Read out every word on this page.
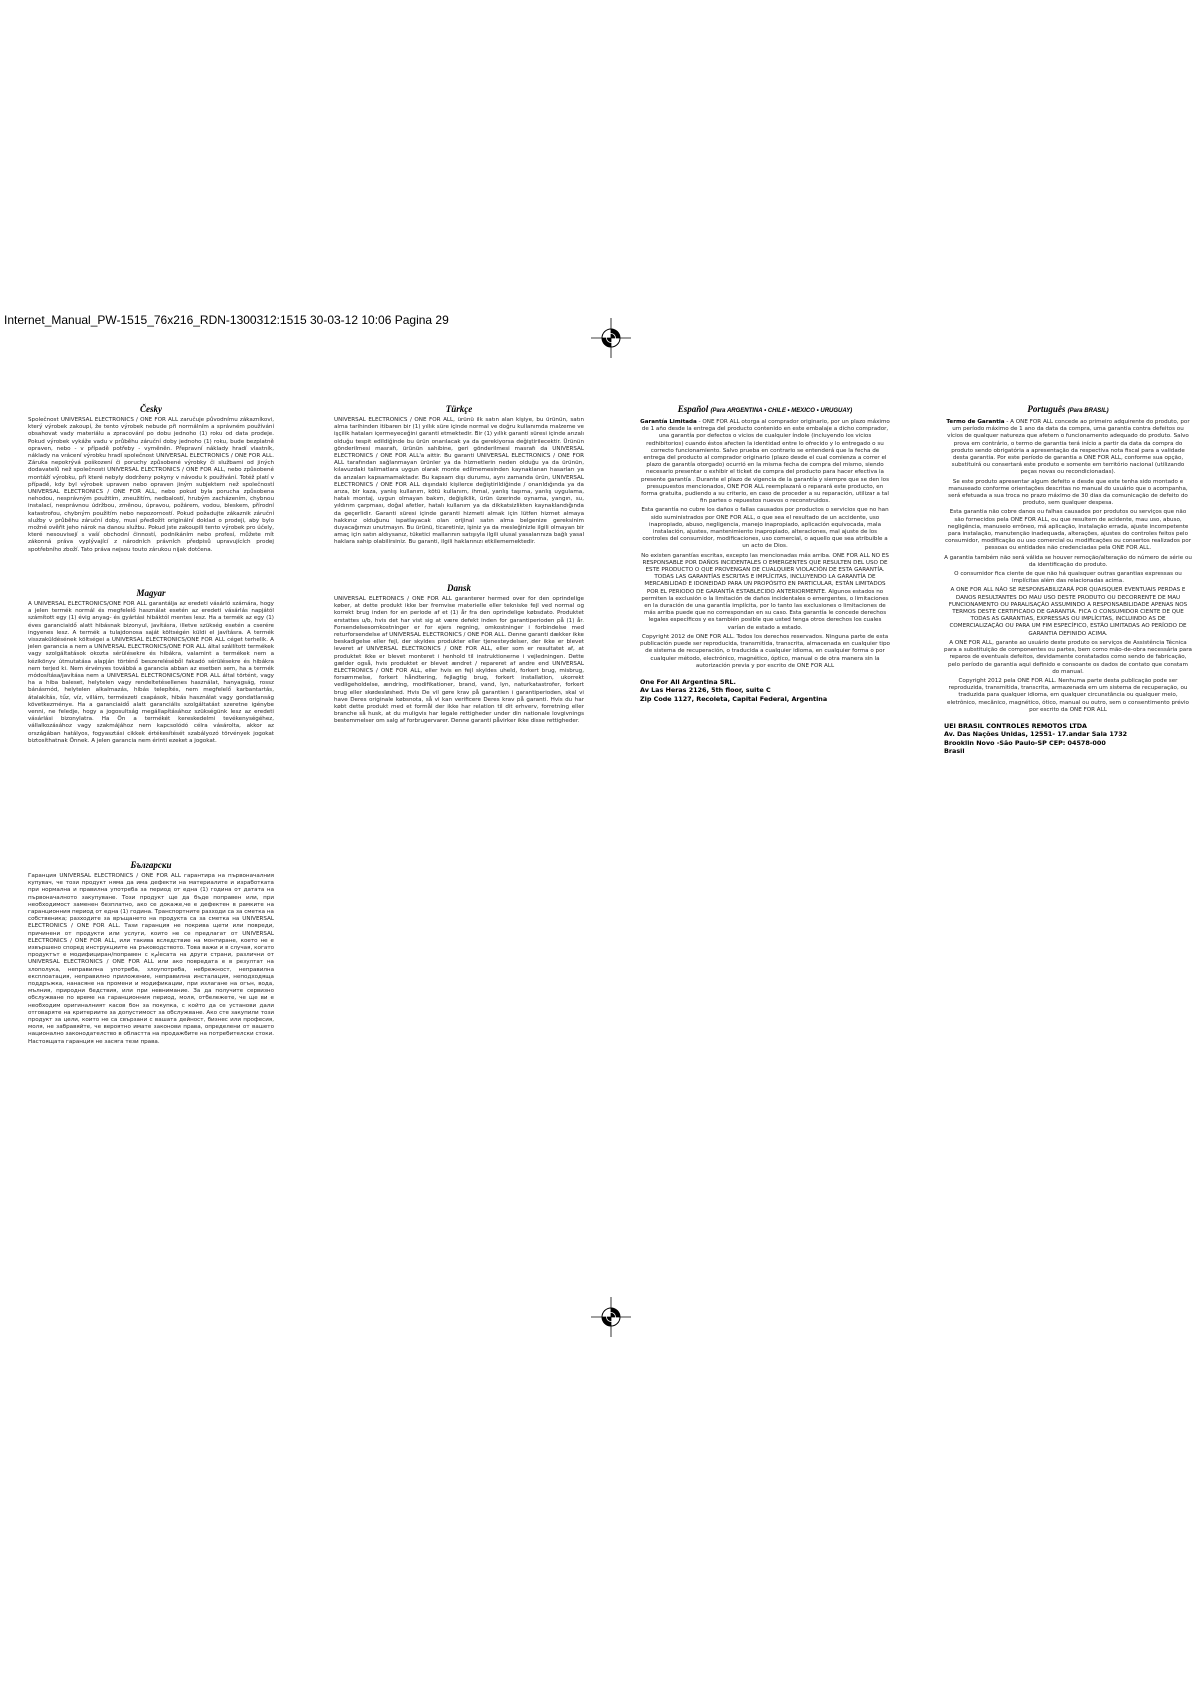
Internet_Manual_PW-1515_76x216_RDN-1300312:1515 30-03-12 10:06 Pagina 29
Česky
Společnost UNIVERSAL ELECTRONICS / ONE FOR ALL zaručuje původnímu zákazníkovi, který výrobek zakoupí, že tento výrobek nebude při normálním a správném používání obsahovat vady materiálu a zpracování po dobu jednoho (1) roku od data prodeje. Pokud výrobek vykáže vadu v průběhu záruční doby jednoho (1) roku, bude bezplatně opraven, nebo - v případě potřeby - vyměněn. Přepravní náklady hradí vlastník, náklady na vrácení výrobku hradí společnost UNIVERSAL ELECTRONICS / ONE FOR ALL. Záruka nepokrývá poškození či poruchy způsobené výrobky či službami od jiných dodavatelů než společnosti UNIVERSAL ELECTRONICS / ONE FOR ALL, nebo způsobené montáží výrobku, při které nebyly dodrženy pokyny v návodu k používání. Totéž platí v případě, kdy byl výrobek upraven nebo opraven jiným subjektem než společností UNIVERSAL ELECTRONICS / ONE FOR ALL, nebo pokud byla porucha způsobena nehodou, nesprávným použitím, zneužitím, nedbalostí, hrubým zacházením, chybnou instalací, nesprávnou údržbou, změnou, úpravou, požárem, vodou, bleskem, přírodní katastrofou, chybným použitím nebo nepozorností. Pokud požadujte zákaznik záruční služby v průběhu záruční doby, musí předložit originální doklad o prodeji, aby bylo možné ověřit jeho nárok na danou službu. Pokud jste zakoupili tento výrobek pro účely, které nesouvisejí s vaší obchodní činností, podnikáním nebo profesí, můžete mít zákonná práva vyplývající z národních právních předpisů upravujících prodej spotřebního zboží. Tato práva nejsou touto zárukou nijak dotčena.
Magyar
A UNIVERSAL ELECTRONICS/ONE FOR ALL garantálja az eredeti vásárló számára, hogy a jelen termék normál és megfelelő használat esetén az eredeti vásárlás napjától számított egy (1) évig anyag- és gyártási hibáktól mentes lesz. Ha a termék az egy (1) éves garanciaidő alatt hibásnak bizonyul, javításra, illetve szükség esetén a cserére ingyenes lesz. A termék a tulajdonosa saját költségén küldi el javításra. A termék visszaküldésének költségei a UNIVERSAL ELECTRONICS/ONE FOR ALL céget terhelik. A jelen garancia a nem a UNIVERSAL ELECTRONICS/ONE FOR ALL által szállított termékek vagy szolgáltatások okozta sérülésekre és hibákra, valamint a termékek nem a kézikönyv útmutatása alapján történő beszereléséből fakadó sérülésekre és hibákra nem terjed ki. Nem érvényes továbbá a garancia abban az esetben sem, ha a termék módosítása/javítása nem a UNIVERSAL ELECTRONICS/ONE FOR ALL által történt, vagy ha a hiba baleset, helytelen vagy rendeltetésellenes használat, hanyagság, rossz bánásmód, helytelen alkalmazás, hibás telepítés, nem megfelelő karbantartás, átalakítás, tűz, víz, villám, természeti csapások, hibás használat vagy gondatlanság következménye. Ha a garanciaidő alatt garanciális szolgáltatást szeretne igénybe venni, ne feledje, hogy a jogosultság megállapításához szükségünk lesz az eredeti vásárlási bizonylatra. Ha Ön a termékét kereskedelmi tevékenységéhez, vállalkozásához vagy szakmájához nem kapcsolódó célra vásárolta, akkor az országában hatályos, fogyasztási cikkek értékesítését szabályozó törvények jogokat biztosíthatnak Önnek. A jelen garancia nem érinti ezeket a jogokat.
Български
Гаранция UNIVERSAL ELECTRONICS / ONE FOR ALL гарантира на първоначалния купувач, че този продукт няма да има дефекти на материалите и изработката при нормална и правилна употреба за период от една (1) година от датата на първоначалното закупуване. Този продукт ще да бъде поправен или, при необходимост заменен безплатно, ако се докаже,че е дефектен в рамките на гаранционния период от една (1) година. Транспортните разходи са за сметка на собственика; разходите за връщането на продукта са за сметка на UNIVERSAL ELECTRONICS / ONE FOR ALL. Тази гаранция не покрива щети или повреди, причинени от продукти или услуги, които не се предлагат от UNIVERSAL ELECTRONICS / ONE FOR ALL, или такива вследствие на монтиране, което не е извършено според инструкциите на ръководството. Това важи и в случая, когато продуктът е модифициран/поправен с кامесата на други страни, различни от UNIVERSAL ELECTRONICS / ONE FOR ALL или ако повредата е в резултат на злополука, неправилна употреба, злоупотреба, небрежност, неправилна експлоатация, неправилно приложение, неправилна инсталация, неподходяща поддръжка, нанасяне на промени и модификации, при излагане на огън, вода, мълния, природни бедствия, или при невнимание. За да получите сервизно обслужване по време на гаранционния период, моля, отбележете, че ще ви е необходим оригиналният касов бон за покупка, с който да се установи дали отговаряте на критериите за допустимост за обслужване. Ако сте закупили този продукт за цели, които не са свързани с вашата дейност, бизнес или професия, моля, не забравяйте, че вероятно имате законови права, определени от вашето национално законодателство в областта на продажбите на потребителски стоки. Настоящата гаранция не засяга тези права.
Türkçe
UNIVERSAL ELECTRONICS / ONE FOR ALL, ürünü ilk satın alan kişiye, bu ürünün, satın alma tarihinden itibaren bir (1) yıllık süre içinde normal ve doğru kullanımda malzeme ve işçilik hataları içermeyeceğini garanti etmektedir. Bir (1) yıllık garanti süresi içinde arızalı olduğu tespit edildiğinde bu ürün onarılacak ya da gerekiyorsa değiştirilecektir. Ürünün gönderilmesi masrafı, ürünün sahibine, geri gönderilmesi masrafı da UNIVERSAL ELECTRONICS / ONE FOR ALL'a aittir. Bu garanti UNIVERSAL ELECTRONICS / ONE FOR ALL tarafından sağlanmayan ürünler ya da hizmetlerin neden olduğu ya da ürünün, kılavuzdaki talimatlara uygun olarak monte edilmemesinden kaynaklanan hasarları ya da arızaları kapsamamaktadır. Bu kapsam dışı durumu, aynı zamanda ürün, UNIVERSAL ELECTRONICS / ONE FOR ALL dışındaki kişilerce değiştirildiğinde / onarıldığında ya da arıza, bir kaza, yanlış kullanım, kötü kullanım, ihmal, yanlış taşıma, yanlış uygulama, hatalı montaj, uygun olmayan bakım, değişiklik, ürün üzerinde oynama, yangın, su, yıldırım çarpması, doğal afetler, hatalı kullanım ya da dikkatsizlikten kaynaklandığında da geçerlidir. Garanti süresi içinde garanti hizmeti almak için lütfen hizmet almaya hakkınız olduğunu ispatlayacak olan orijinal satın alma belgenize gereksinim duyacağımızı unutmayın. Bu ürünü, ticaretiniz, işiniz ya da mesleğinizle ilgili olmayan bir amaç için satın aldıysanız, tüketici mallarının satışıyla ilgili ulusal yasalarınıza bağlı yasal haklara sahip olabilirsiniz. Bu garanti, ilgili haklarınızı etkilememektedir.
Dansk
UNIVERSAL ELETRONICS / ONE FOR ALL garanterer hermed over for den oprindelige køber, at dette produkt ikke ber fremvise materielle eller tekniske fejl ved normal og korrekt brug inden for en periode af et (1) år fra den oprindelige købsdato. Produktet erstattes u/b, hvis det har vist sig at være defekt inden for garantiperioden på (1) år. Forsendelsesomkostninger er for ejers regning, omkostninger i forbindelse med returforsendelse af UNIVERSAL ELECTRONICS / ONE FOR ALL. Denne garanti dækker ikke beskadigelse eller fejl, der skyldes produkter eller tjenesteydelser, der ikke er blevet leveret af UNIVERSAL ELECTRONICS / ONE FOR ALL, eller som er resultatet af, at produktet ikke er blevet monteret i henhold til instruktionerne i vejledningen. Dette gælder også, hvis produktet er blevet ændret / repareret af andre end UNIVERSAL ELECTRONICS / ONE FOR ALL, eller hvis en fejl skyldes uheld, forkert brug, misbrug, forsømmelse, forkert håndtering, fejlagtig brug, forkert installation, ukorrekt vedligeholdelse, ændring, modifikationer, brand, vand, lyn, naturkatastrofer, forkert brug eller skødesløshed. Hvis De vil gøre krav på garantien i garantiperioden, skal vi have Deres originale købsnota, så vi kan verificere Deres krav på garanti. Hvis du har købt dette produkt med et formål der ikke har relation til dit erhverv, forretning eller branche så husk, at du muligvis har legale rettigheder under din nationale lovgivnings bestemmelser om salg af forbrugervarer. Denne garanti påvirker ikke disse rettigheder.
Español (Para ARGENTINA • CHILE • MEXICO • URUGUAY)
Garantía Limitada - ONE FOR ALL otorga al comprador originario, por un plazo máximo de 1 año desde la entrega del producto contenido en este embalaje a dicho comprador, una garantía por defectos o vicios de cualquier índole (incluyendo los vicios redhibitorios) cuando éstos afecten la identidad entre lo ofrecido y lo entregado o su correcto funcionamiento. Salvo prueba en contrario se entenderá que la fecha de entrega del producto al comprador originario (plazo desde el cual comienza a correr el plazo de garantía otorgado) ocurrió en la misma fecha de compra del mismo, siendo necesario presentar o exhibir el ticket de compra del producto para hacer efectiva la presente garantía . Durante el plazo de vigencia de la garantía y siempre que se den los presupuestos mencionados, ONE FOR ALL reemplazará o reparará este producto, en forma gratuita, pudiendo a su criterio, en caso de proceder a su reparación, utilizar a tal fin partes o repuestos nuevos o reconstruidos.
Esta garantía no cubre los daños o fallas causados por productos o servicios que no han sido suministrados por ONE FOR ALL, o que sea el resultado de un accidente, uso inapropiado, abuso, negligencia, manejo inapropiado, aplicación equivocada, mala instalación, ajustes, mantenimiento inapropiado, alteraciones, mal ajuste de los controles del consumidor, modificaciones, uso comercial, o aquello que sea atribuible a un acto de Dios.
No existen garantías escritas, excepto las mencionadas más arriba. ONE FOR ALL NO ES RESPONSABLE POR DAÑOS INCIDENTALES O EMERGENTES QUE RESULTEN DEL USO DE ESTE PRODUCTO O QUE PROVENGAN DE CUALQUIER VIOLACIÓN DE ESTA GARANTÍA. TODAS LAS GARANTÍAS ESCRITAS E IMPLÍCITAS, INCLUYENDO LA GARANTÍA DE MERCABILIDAD E IDONEIDAD PARA UN PROPÓSITO EN PARTICULAR, ESTÁN LIMITADOS POR EL PERIODO DE GARANTÍA ESTABLECIDO ANTERIORMENTE. Algunos estados no permiten la exclusión o la limitación de daños incidentales o emergentes, o limitaciones en la duración de una garantía implícita, por lo tanto las exclusiones o limitaciones de más arriba puede que no correspondan en su caso. Esta garantía le concede derechos legales específicos y es también posible que usted tenga otros derechos los cuales varían de estado a estado.
Copyright 2012 de ONE FOR ALL. Todos los derechos reservados. Ninguna parte de esta publicación puede ser reproducida, transmitida, transcrita, almacenada en cualquier tipo de sistema de recuperación, o traducida a cualquier idioma, en cualquier forma o por cualquier método, electrónico, magnético, óptico, manual o de otra manera sin la autorización previa y por escrito de ONE FOR ALL
One For All Argentina SRL.
Av Las Heras 2126, 5th floor, suite C
Zip Code 1127, Recoleta, Capital Federal, Argentina
Português (Para BRASIL)
Termo de Garantia - A ONE FOR ALL concede ao primeiro adquirente do produto, por um período máximo de 1 ano da data da compra, uma garantia contra defeitos ou vícios de qualquer natureza que afetem o funcionamento adequado do produto. Salvo prova em contrário, o termo de garantia terá início a partir da data da compra do produto sendo obrigatória a apresentação da respectiva nota fiscal para a validade desta garantia. Por este período de garantia a ONE FOR ALL, conforme sua opção, substituirá ou consertará este produto e somente em território nacional (utilizando peças novas ou recondicionadas).
Se este produto apresentar algum defeito e desde que este tenha sido montado e manuseado conforme orientações descritas no manual do usuário que o acompanha, será efetuada a sua troca no prazo máximo de 30 dias da comunicação de defeito do produto, sem qualquer despesa.
Esta garantia não cobre danos ou falhas causados por produtos ou serviços que não são fornecidos pela ONE FOR ALL, ou que resultem de acidente, mau uso, abuso, negligência, manuseio errôneo, má aplicação, instalação errada, ajuste incompetente para instalação, manutenção inadequada, alterações, ajustes do controles feitos pelo consumidor, modificação ou uso comercial ou modificações ou consertos realizados por pessoas ou entidades não credenciadas pela ONE FOR ALL.
A garantia também não será válida se houver remoção/alteração do número de série ou da identificação do produto.
O consumidor fica ciente de que não há quaisquer outras garantias expressas ou implícitas além das relacionadas acima.
A ONE FOR ALL NÃO SE RESPONSABILIZARÁ POR QUAISQUER EVENTUAIS PERDAS E DANOS RESULTANTES DO MAU USO DESTE PRODUTO OU DECORRENTE DE MAU FUNCIONAMENTO OU PARALISAÇÃO ASSUMINDO A RESPONSABILIDADE APENAS NOS TERMOS DESTE CERTIFICADO DE GARANTIA. FICA O CONSUMIDOR CIENTE DE QUE TODAS AS GARANTIAS, EXPRESSAS OU IMPLÍCITAS, INCLUINDO AS DE COMERCIALIZAÇÃO OU PARA UM FIM ESPECÍFICO, ESTÃO LIMITADAS AO PERÍODO DE GARANTIA DEFINIDO ACIMA.
A ONE FOR ALL, garante ao usuário deste produto os serviços de Assistência Técnica para a substituição de componentes ou partes, bem como mão-de-obra necessária para reparos de eventuais defeitos, devidamente constatados como sendo de fabricação, pelo período de garantia aqui definido e consoante os dados de contato que constam do manual.
Copyright 2012 pela ONE FOR ALL. Nenhuma parte desta publicação pode ser reproduzida, transmitida, transcrita, armazenada em um sistema de recuperação, ou traduzida para qualquer idioma, em qualquer circunstância ou qualquer meio, eletrônico, mecânico, magnético, ótico, manual ou outro, sem o consentimento prévio por escrito da ONE FOR ALL
UEI BRASIL CONTROLES REMOTOS LTDA
Av. Das Nações Unidas, 12551- 17.andar Sala 1732
Brooklin Novo -São Paulo-SP CEP: 04578-000
Brasil
